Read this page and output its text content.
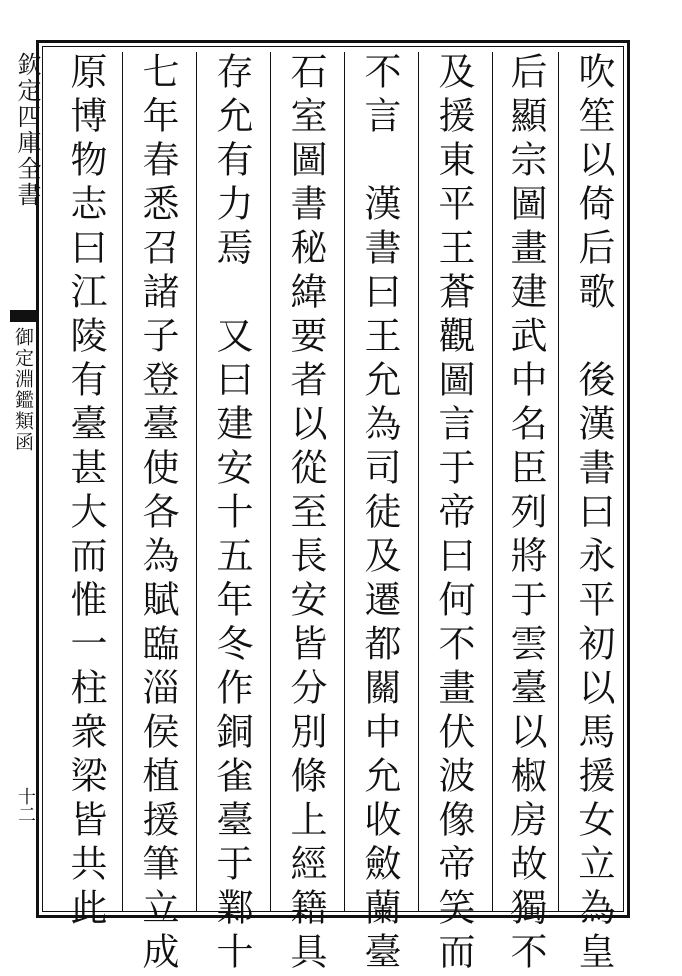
欽定四庫全書
御定淵鑑類函
十二	吹笙以倚后歌　後漢書曰永平初以馬援女立為皇
后顯宗圖畫建武中名臣列將于雲臺以椒房故獨不
及援東平王蒼觀圖言于帝曰何不畫伏波像帝笑而
不言　漢書曰王允為司徒及遷都關中允收斂蘭臺
石室圖書秘緯要者以從至長安皆分別條上經籍具
存允有力焉　又曰建安十五年冬作銅雀臺于鄴十
七年春悉召諸子登臺使各為賦臨淄侯植援筆立成
原博物志曰江陵有臺甚大而惟一柱衆梁皆共此
